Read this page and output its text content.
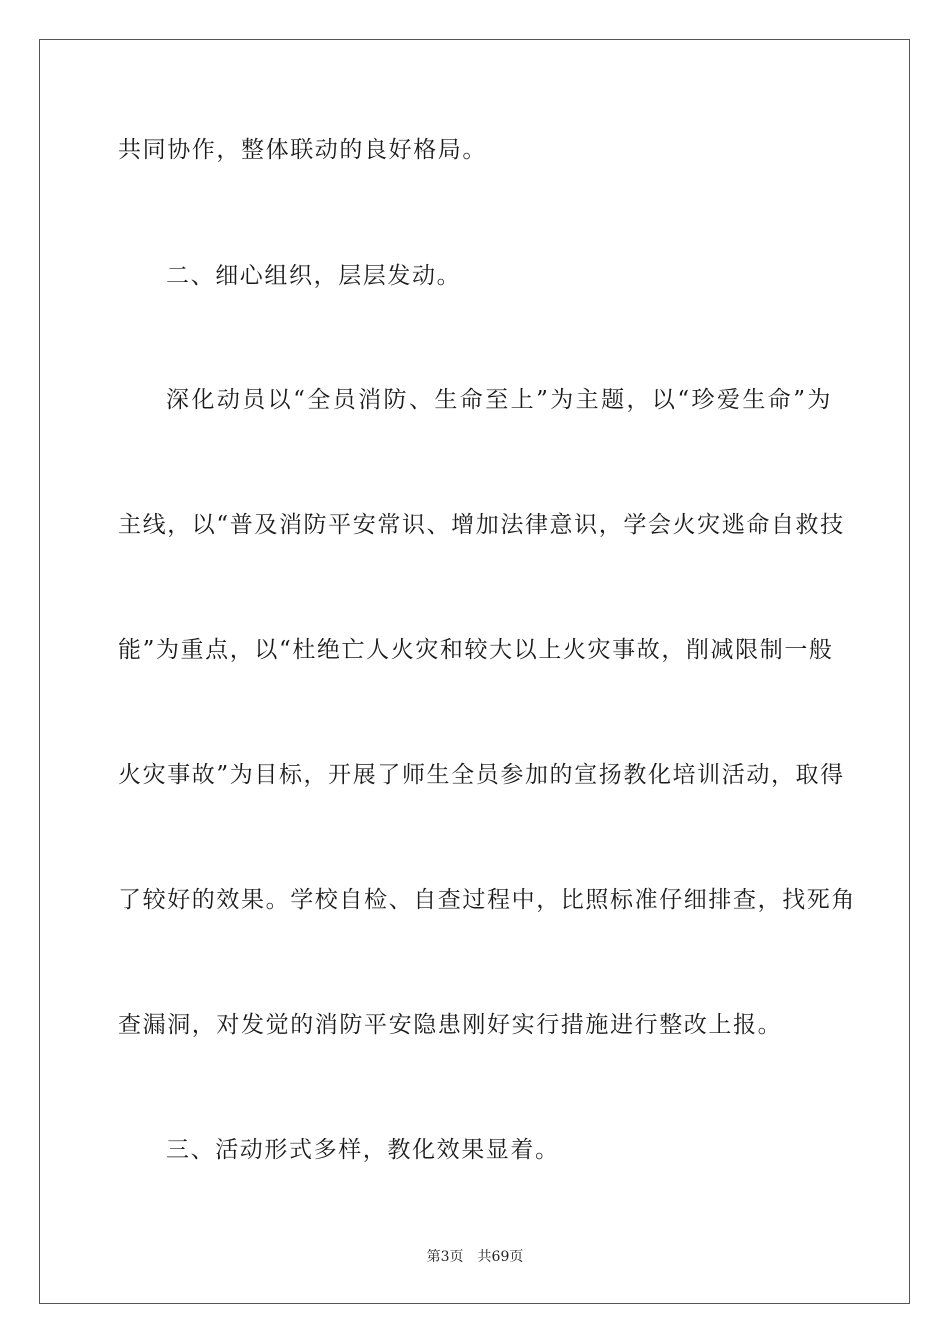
共同协作，整体联动的良好格局。
二、细心组织，层层发动。
深化动员以“全员消防、生命至上”为主题，以“珍爱生命”为
主线，以“普及消防平安常识、增加法律意识，学会火灾逃命自救技
能”为重点，以“杜绝亡人火灾和较大以上火灾事故，削减限制一般
火灾事故”为目标，开展了师生全员参加的宣扬教化培训活动，取得
了较好的效果。学校自检、自查过程中，比照标准仔细排查，找死角
查漏洞，对发觉的消防平安隐患刚好实行措施进行整改上报。
三、活动形式多样，教化效果显着。
第3页 共69页
